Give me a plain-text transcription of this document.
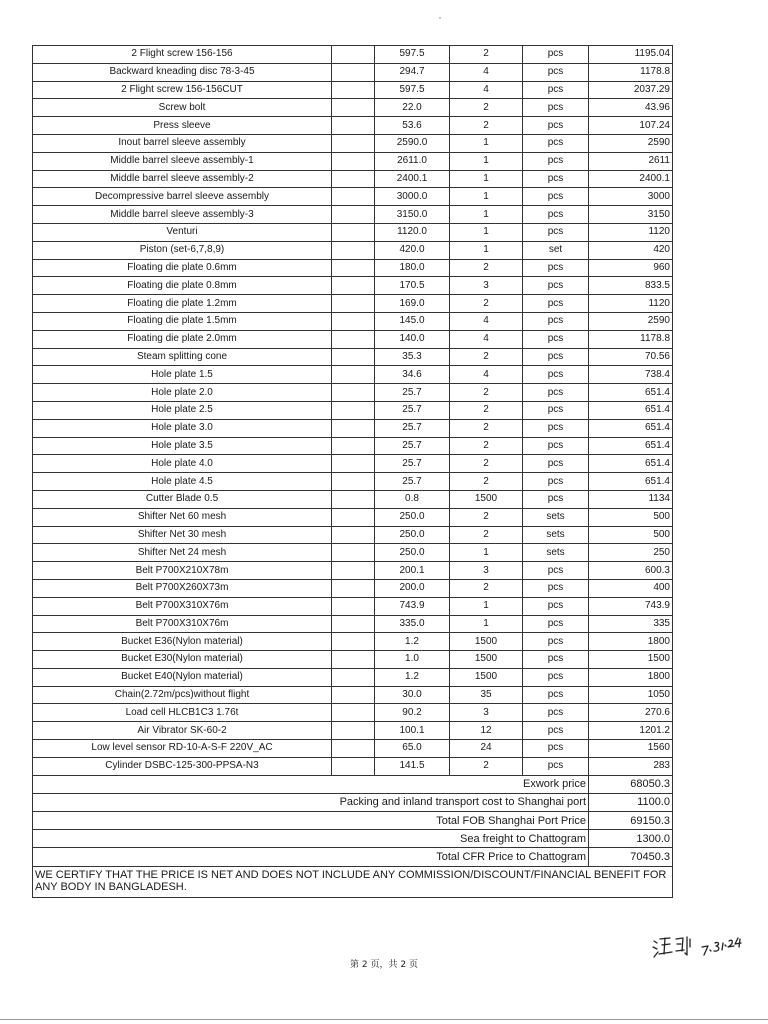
2 Flight screw 156-156		597.5	2	pcs	1195.04
Backward kneading disc 78-3-45		294.7	4	pcs	1178.8
2 Flight screw 156-156CUT		597.5	4	pcs	2037.29
Screw bolt		22.0	2	pcs	43.96
Press sleeve		53.6	2	pcs	107.24
Inout barrel sleeve assembly		2590.0	1	pcs	2590
Middle barrel sleeve assembly-1		2611.0	1	pcs	2611
Middle barrel sleeve assembly-2		2400.1	1	pcs	2400.1
Decompressive barrel sleeve assembly		3000.0	1	pcs	3000
Middle barrel sleeve assembly-3		3150.0	1	pcs	3150
Venturi		1120.0	1	pcs	1120
Piston (set-6,7,8,9)		420.0	1	set	420
Floating die plate 0.6mm		180.0	2	pcs	960
Floating die plate 0.8mm		170.5	3	pcs	833.5
Floating die plate 1.2mm		169.0	2	pcs	1120
Floating die plate 1.5mm		145.0	4	pcs	2590
Floating die plate 2.0mm		140.0	4	pcs	1178.8
Steam splitting cone		35.3	2	pcs	70.56
Hole plate 1.5		34.6	4	pcs	738.4
Hole plate 2.0		25.7	2	pcs	651.4
Hole plate 2.5		25.7	2	pcs	651.4
Hole plate 3.0		25.7	2	pcs	651.4
Hole plate 3.5		25.7	2	pcs	651.4
Hole plate 4.0		25.7	2	pcs	651.4
Hole plate 4.5		25.7	2	pcs	651.4
Cutter Blade 0.5		0.8	1500	pcs	1134
Shifter Net 60 mesh		250.0	2	sets	500
Shifter Net 30 mesh		250.0	2	sets	500
Shifter Net 24 mesh		250.0	1	sets	250
Belt P700X210X78m		200.1	3	pcs	600.3
Belt P700X260X73m		200.0	2	pcs	400
Belt P700X310X76m		743.9	1	pcs	743.9
Belt P700X310X76m		335.0	1	pcs	335
Bucket E36(Nylon material)		1.2	1500	pcs	1800
Bucket E30(Nylon material)		1.0	1500	pcs	1500
Bucket E40(Nylon material)		1.2	1500	pcs	1800
Chain(2.72m/pcs)without flight		30.0	35	pcs	1050
Load cell HLCB1C3 1.76t		90.2	3	pcs	270.6
Air Vibrator SK-60-2		100.1	12	pcs	1201.2
Low level sensor RD-10-A-S-F 220V_AC		65.0	24	pcs	1560
Cylinder DSBC-125-300-PPSA-N3		141.5	2	pcs	283
Exwork price					68050.3
Packing and inland transport cost to Shanghai port					1100.0
Total FOB Shanghai Port Price					69150.3
Sea freight to Chattogram					1300.0
Total CFR Price to Chattogram					70450.3
WE CERTIFY THAT THE PRICE IS NET AND DOES NOT INCLUDE ANY COMMISSION/DISCOUNT/FINANCIAL BENEFIT FOR ANY BODY IN BANGLADESH.					
第 2 页，共 2 页
